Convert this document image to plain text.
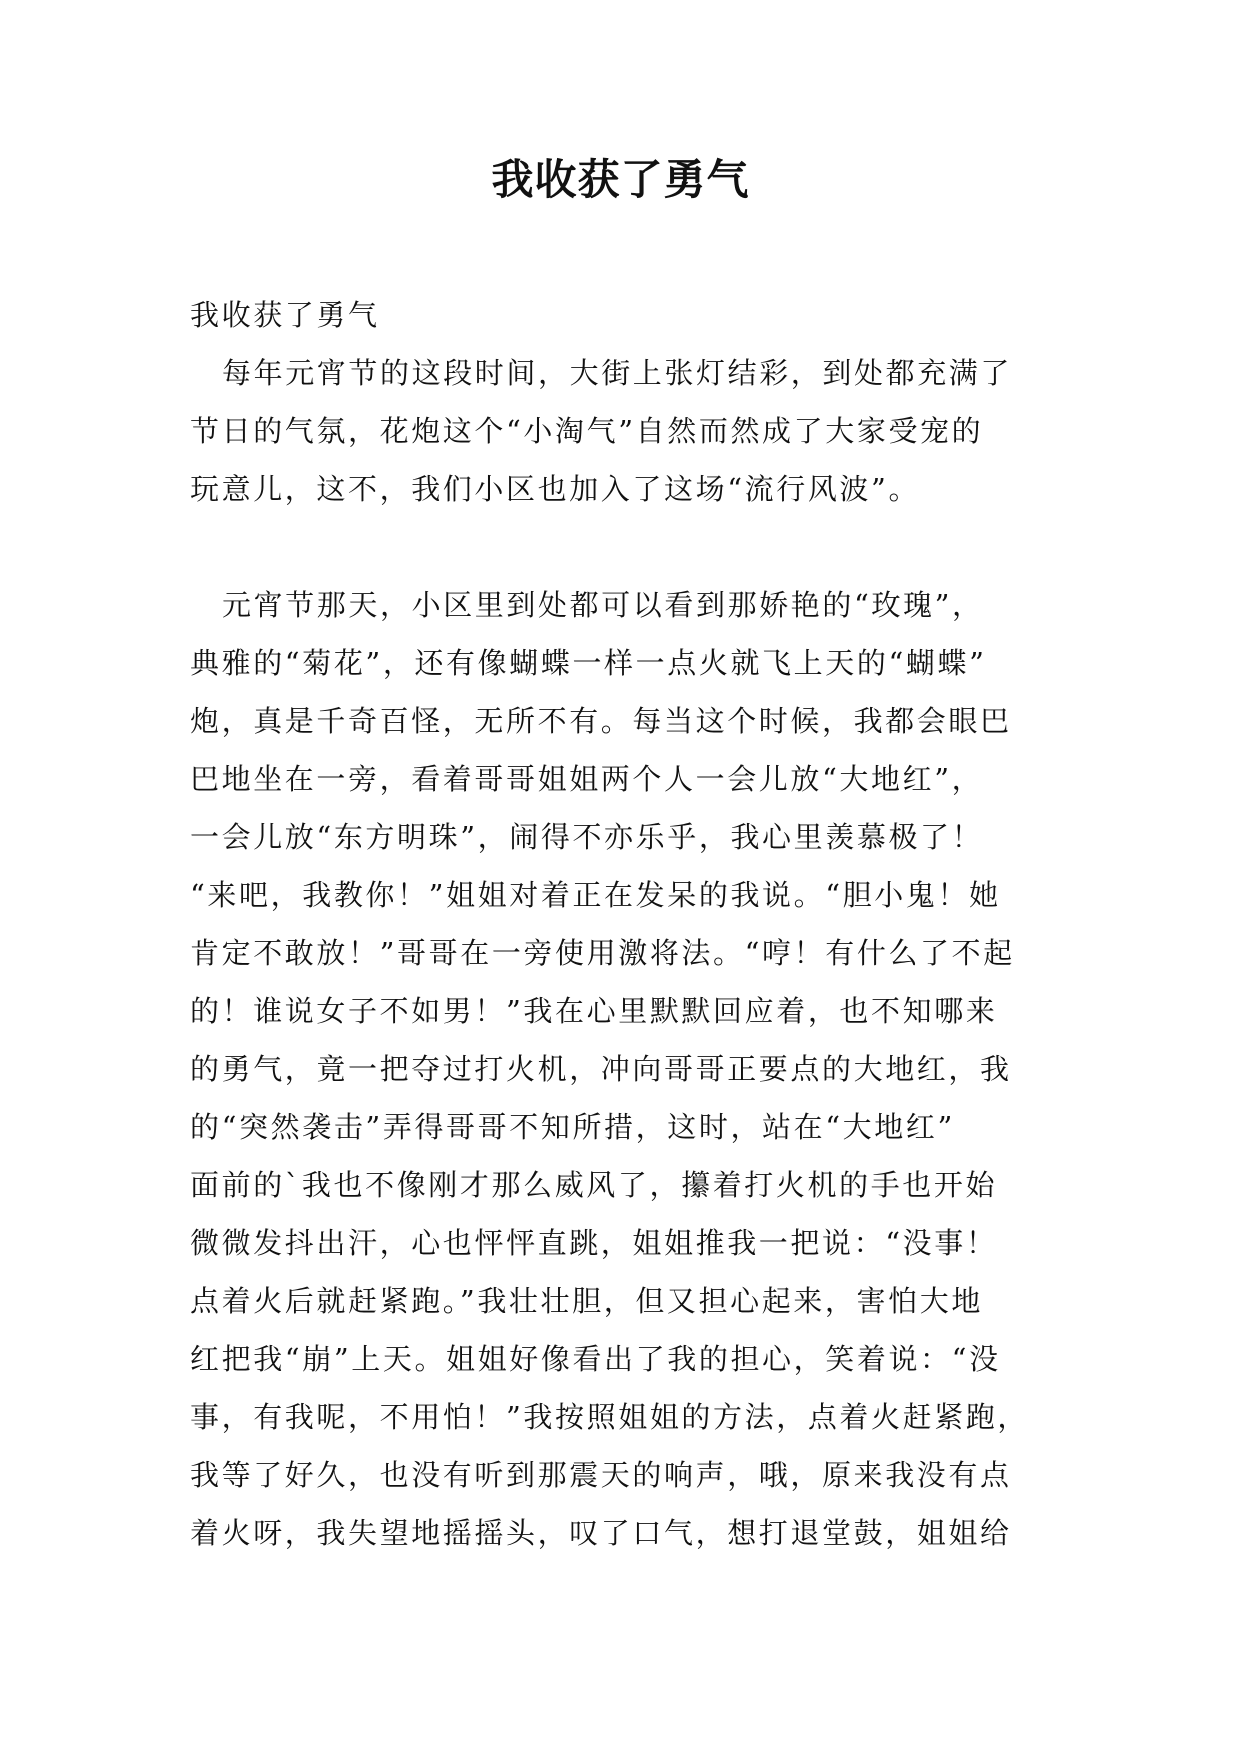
我收获了勇气
我收获了勇气
每年元宵节的这段时间，大街上张灯结彩，到处都充满了
节日的气氛，花炮这个“小淘气”自然而然成了大家受宠的
玩意儿，这不，我们小区也加入了这场“流行风波”。
元宵节那天，小区里到处都可以看到那娇艳的“玫瑰”，
典雅的“菊花”，还有像蝴蝶一样一点火就飞上天的“蝴蝶”
炮，真是千奇百怪，无所不有。每当这个时候，我都会眼巴
巴地坐在一旁，看着哥哥姐姐两个人一会儿放“大地红”，
一会儿放“东方明珠”，闹得不亦乐乎，我心里羡慕极了！
“来吧，我教你！”姐姐对着正在发呆的我说。“胆小鬼！她
肯定不敢放！”哥哥在一旁使用激将法。“哼！有什么了不起
的！谁说女子不如男！”我在心里默默回应着，也不知哪来
的勇气，竟一把夺过打火机，冲向哥哥正要点的大地红，我
的“突然袭击”弄得哥哥不知所措，这时，站在“大地红”
面前的`我也不像刚才那么威风了，攥着打火机的手也开始
微微发抖出汗，心也怦怦直跳，姐姐推我一把说：“没事！
点着火后就赶紧跑。”我壮壮胆，但又担心起来，害怕大地
红把我“崩”上天。姐姐好像看出了我的担心，笑着说：“没
事，有我呢，不用怕！”我按照姐姐的方法，点着火赶紧跑，
我等了好久，也没有听到那震天的响声，哦，原来我没有点
着火呀，我失望地摇摇头，叹了口气，想打退堂鼓，姐姐给
